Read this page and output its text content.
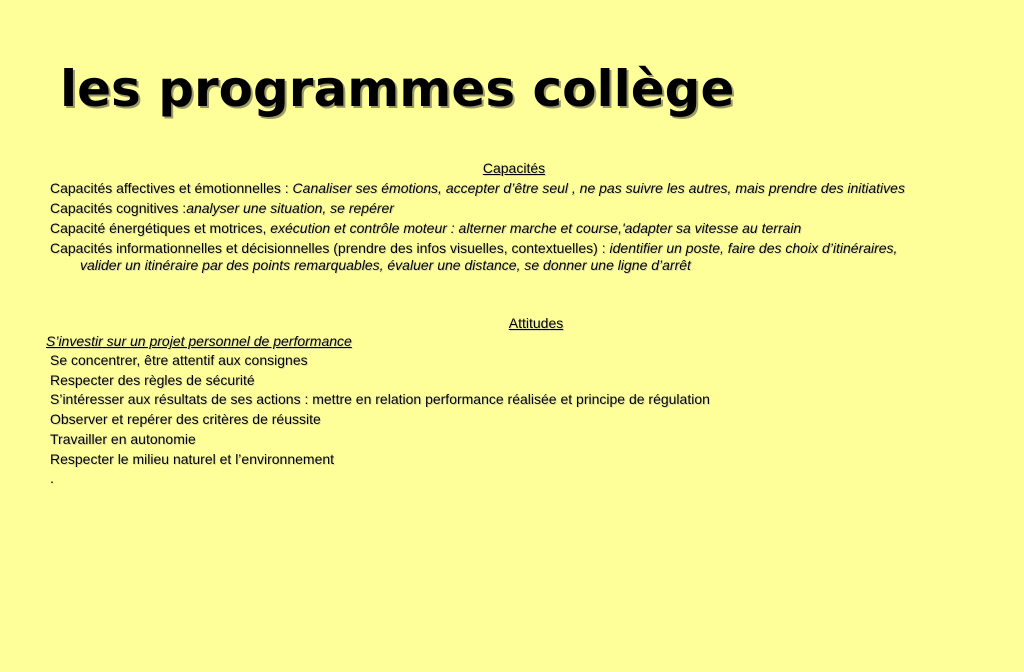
les programmes collège
Capacités

Capacités affectives et émotionnelles : Canaliser ses émotions, accepter d’être seul , ne pas suivre les autres, mais prendre des initiatives

Capacités cognitives :analyser une situation, se repérer

Capacité énergétiques et motrices, exécution et contrôle moteur : alterner marche et course,'adapter sa vitesse au terrain

Capacités informationnelles et décisionnelles (prendre des infos visuelles, contextuelles) : identifier un poste, faire des choix d’itinéraires,

valider un itinéraire par des points remarquables, évaluer une distance, se donner une ligne d’arrêt

Attitudes
S’investir sur un projet personnel de performance
Se concentrer, être attentif aux consignes
Respecter des règles de sécurité
S’intéresser aux résultats de ses actions : mettre en relation performance réalisée et principe de régulation
Observer et repérer des critères de réussite
Travailler en autonomie
Respecter le milieu naturel et l’environnement
.
